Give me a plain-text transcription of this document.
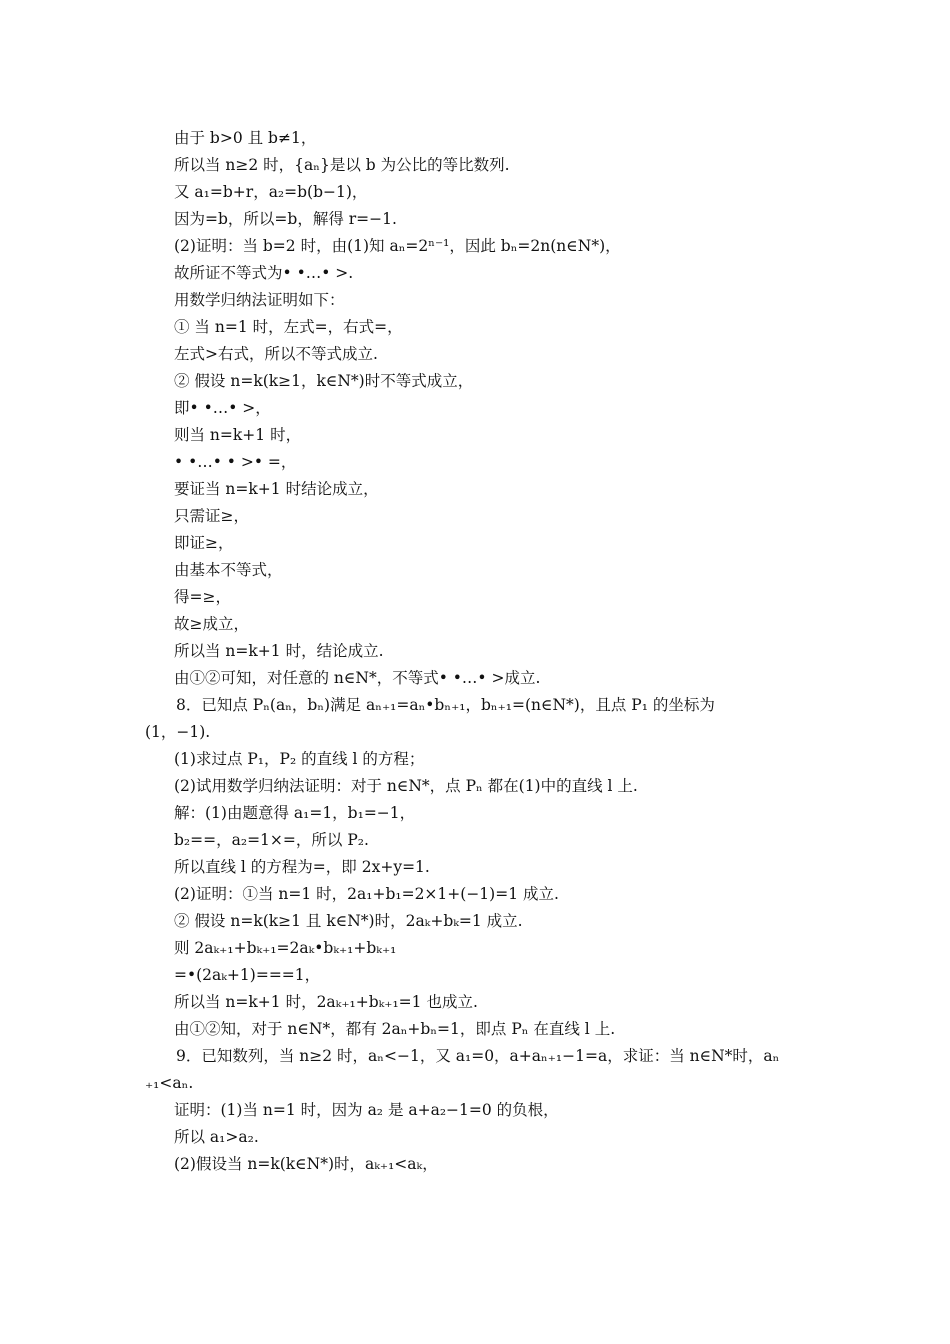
由于 b>0 且 b≠1，
所以当 n≥2 时，{aₙ}是以 b 为公比的等比数列.
又 a₁=b+r，a₂=b(b−1)，
因为=b，所以=b，解得 r=−1.
(2)证明：当 b=2 时，由(1)知 aₙ=2ⁿ⁻¹，因此 bₙ=2n(n∈N*)，
故所证不等式为• •…• >.
用数学归纳法证明如下：
① 当 n=1 时，左式=，右式=，
左式>右式，所以不等式成立.
② 假设 n=k(k≥1，k∈N*)时不等式成立，
即• •…• >，
则当 n=k+1 时，
• •…• • >• =，
要证当 n=k+1 时结论成立，
只需证≥，
即证≥，
由基本不等式，
得=≥，
故≥成立，
所以当 n=k+1 时，结论成立.
由①②可知，对任意的 n∈N*，不等式• •…• >成立.
8．已知点 Pₙ(aₙ，bₙ)满足 aₙ₊₁=aₙ•bₙ₊₁，bₙ₊₁=(n∈N*)，且点 P₁ 的坐标为
(1，−1).
(1)求过点 P₁，P₂ 的直线 l 的方程；
(2)试用数学归纳法证明：对于 n∈N*，点 Pₙ 都在(1)中的直线 l 上.
解：(1)由题意得 a₁=1，b₁=−1，
b₂==，a₂=1×=，所以 P₂.
所以直线 l 的方程为=，即 2x+y=1.
(2)证明：①当 n=1 时，2a₁+b₁=2×1+(−1)=1 成立.
② 假设 n=k(k≥1 且 k∈N*)时，2aₖ+bₖ=1 成立.
则 2aₖ₊₁+bₖ₊₁=2aₖ•bₖ₊₁+bₖ₊₁
=•(2aₖ+1)===1，
所以当 n=k+1 时，2aₖ₊₁+bₖ₊₁=1 也成立.
由①②知，对于 n∈N*，都有 2aₙ+bₙ=1，即点 Pₙ 在直线 l 上.
9．已知数列，当 n≥2 时，aₙ<−1，又 a₁=0，a+aₙ₊₁−1=a，求证：当 n∈N*时，aₙ
₊₁<aₙ.
证明：(1)当 n=1 时，因为 a₂ 是 a+a₂−1=0 的负根，
所以 a₁>a₂.
(2)假设当 n=k(k∈N*)时，aₖ₊₁<aₖ，
